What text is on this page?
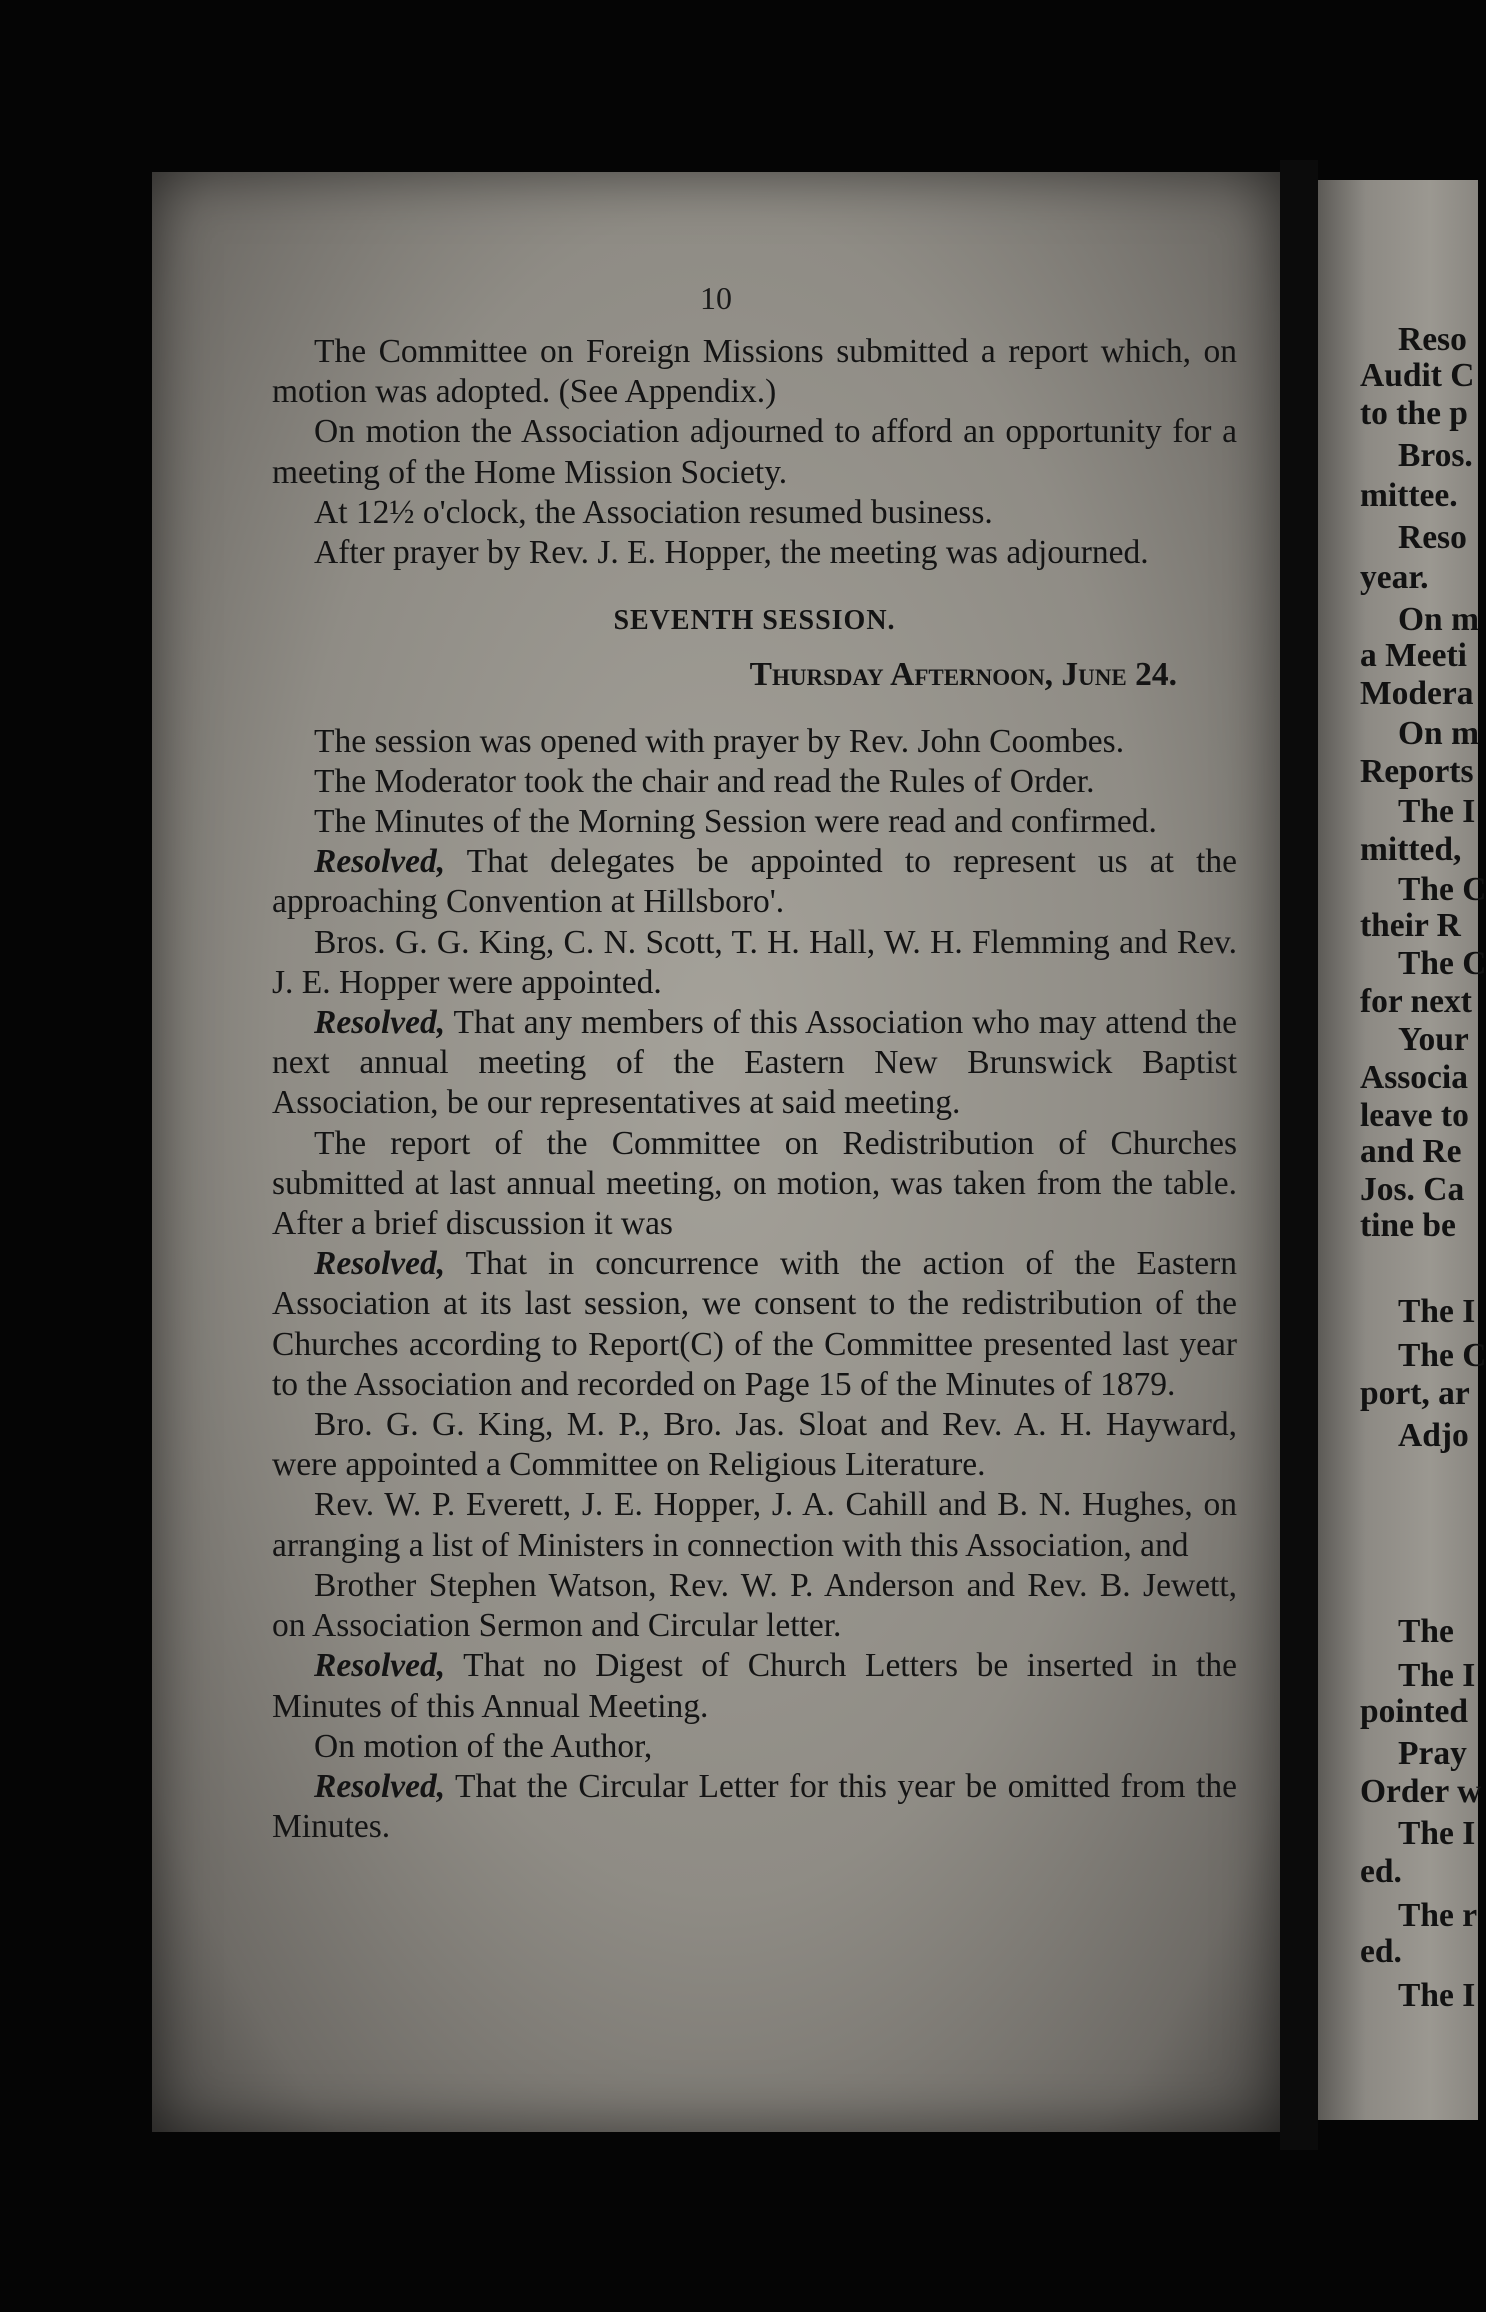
10

The Committee on Foreign Missions submitted a report which, on motion was adopted. (See Appendix.)

On motion the Association adjourned to afford an opportunity for a meeting of the Home Mission Society.

At 12½ o'clock, the Association resumed business.

After prayer by Rev. J. E. Hopper, the meeting was adjourned.

SEVENTH SESSION.

Thursday Afternoon, June 24.

The session was opened with prayer by Rev. John Coombes.

The Moderator took the chair and read the Rules of Order.

The Minutes of the Morning Session were read and confirmed.

Resolved, That delegates be appointed to represent us at the approaching Convention at Hillsboro'.

Bros. G. G. King, C. N. Scott, T. H. Hall, W. H. Flemming and Rev. J. E. Hopper were appointed.

Resolved, That any members of this Association who may attend the next annual meeting of the Eastern New Brunswick Baptist Association, be our representatives at said meeting.

The report of the Committee on Redistribution of Churches submitted at last annual meeting, on motion, was taken from the table. After a brief discussion it was

Resolved, That in concurrence with the action of the Eastern Association at its last session, we consent to the redistribution of the Churches according to Report(C) of the Committee presented last year to the Association and recorded on Page 15 of the Minutes of 1879.

Bro. G. G. King, M. P., Bro. Jas. Sloat and Rev. A. H. Hayward, were appointed a Committee on Religious Literature.

Rev. W. P. Everett, J. E. Hopper, J. A. Cahill and B. N. Hughes, on arranging a list of Ministers in connection with this Association, and

Brother Stephen Watson, Rev. W. P. Anderson and Rev. B. Jewett, on Association Sermon and Circular letter.

Resolved, That no Digest of Church Letters be inserted in the Minutes of this Annual Meeting.

On motion of the Author,

Resolved, That the Circular Letter for this year be omitted from the Minutes.

Reso
Audit C
to the p
Bros.
mittee.
Reso
year.
On m
a Meeti
Modera
On m
Reports
The I
mitted,
The C
their R
The C
for next
Your
Associa
leave to
and Re
Jos. Ca
tine be
The I
The C
port, ar
Adjo
The
The I
pointed
Pray
Order w
The I
ed.
The r
ed.
The I
